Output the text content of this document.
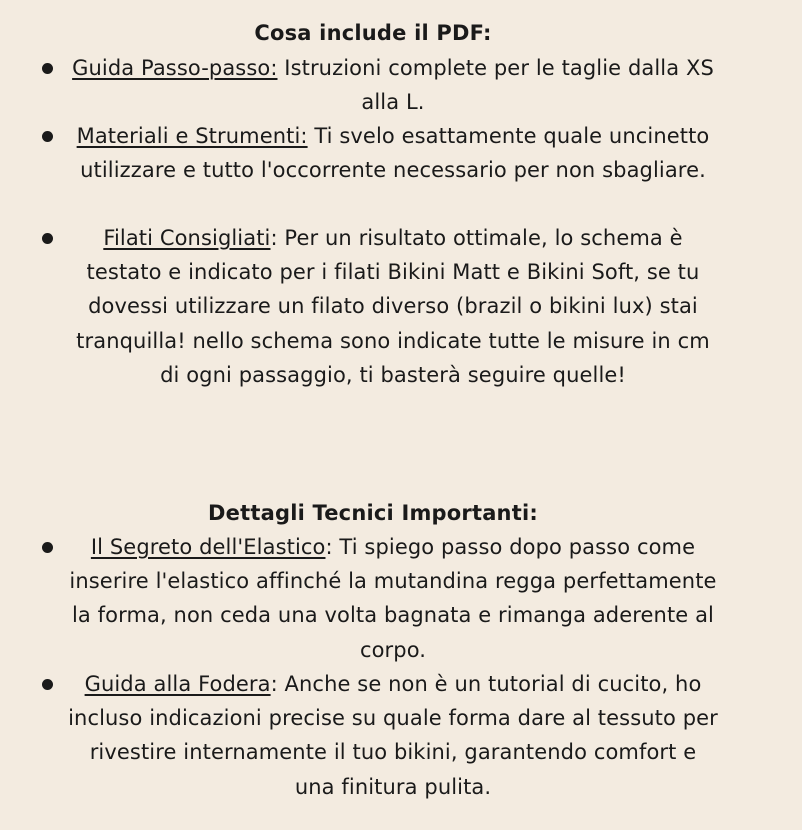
Cosa include il PDF:
Guida Passo-passo: Istruzioni complete per le taglie dalla XS alla L.
Materiali e Strumenti: Ti svelo esattamente quale uncinetto utilizzare e tutto l'occorrente necessario per non sbagliare.
Filati Consigliati: Per un risultato ottimale, lo schema è testato e indicato per i filati Bikini Matt e Bikini Soft, se tu dovessi utilizzare un filato diverso (brazil o bikini lux) stai tranquilla! nello schema sono indicate tutte le misure in cm di ogni passaggio, ti basterà seguire quelle!
Dettagli Tecnici Importanti:
Il Segreto dell'Elastico: Ti spiego passo dopo passo come inserire l'elastico affinché la mutandina regga perfettamente la forma, non ceda una volta bagnata e rimanga aderente al corpo.
Guida alla Fodera: Anche se non è un tutorial di cucito, ho incluso indicazioni precise su quale forma dare al tessuto per rivestire internamente il tuo bikini, garantendo comfort e una finitura pulita.
